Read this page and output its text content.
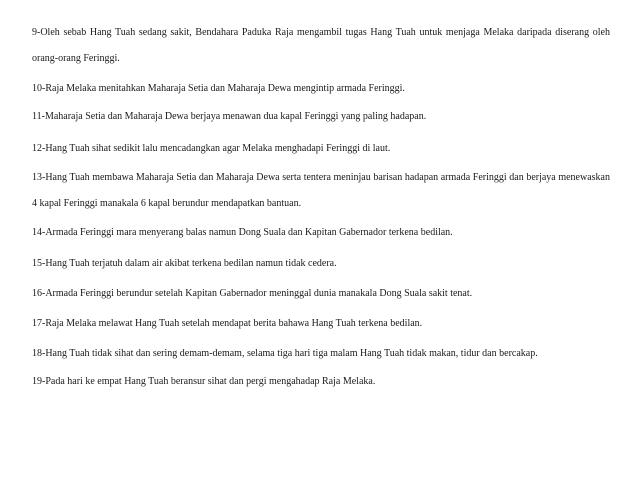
9-Oleh sebab Hang Tuah sedang sakit, Bendahara Paduka Raja mengambil tugas Hang Tuah untuk menjaga Melaka daripada diserang oleh orang-orang Feringgi.

10-Raja Melaka menitahkan Maharaja Setia dan Maharaja Dewa mengintip armada Feringgi.

11-Maharaja Setia dan Maharaja Dewa berjaya menawan dua kapal Feringgi yang paling hadapan.

12-Hang Tuah sihat sedikit lalu mencadangkan agar Melaka menghadapi Feringgi di laut.

13-Hang Tuah membawa Maharaja Setia dan Maharaja Dewa serta tentera meninjau barisan hadapan armada Feringgi dan berjaya menewaskan 4 kapal Feringgi manakala 6 kapal berundur mendapatkan bantuan.

14-Armada Feringgi mara menyerang balas namun Dong Suala dan Kapitan Gabernador terkena bedilan.

15-Hang Tuah terjatuh dalam air akibat terkena bedilan namun tidak cedera.

16-Armada Feringgi berundur setelah Kapitan Gabernador meninggal dunia manakala Dong Suala sakit tenat.

17-Raja Melaka melawat Hang Tuah setelah mendapat berita bahawa Hang Tuah terkena bedilan.

18-Hang Tuah tidak sihat dan sering demam-demam, selama tiga hari tiga malam Hang Tuah tidak makan, tidur dan bercakap.

19-Pada hari ke empat Hang Tuah beransur sihat dan pergi mengahadap Raja Melaka.
